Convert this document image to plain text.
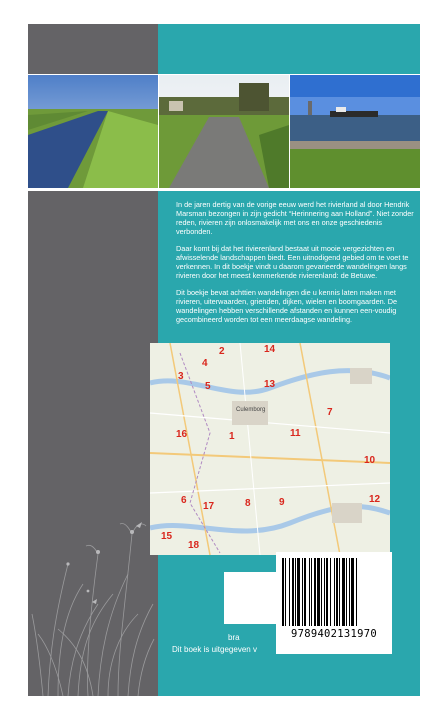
In de jaren dertig van de vorige eeuw werd het rivierland al door Hendrik Marsman bezongen in zijn gedicht “Herinnering aan Holland”. Niet zonder reden, rivieren zijn onlosmakelijk met ons en onze geschiedenis verbonden.

Daar komt bij dat het rivierenland bestaat uit mooie vergezichten en afwisselende landschappen biedt. Een uitnodigend gebied om te voet te verkennen. In dit boekje vindt u daarom gevarieerde wandelingen langs rivieren door het meest kenmerkende rivierenland: de Betuwe.

Dit boekje bevat achttien wandelingen die u kennis laten maken met rivieren, uiterwaarden, grienden, dijken, wielen en boomgaarden. De wandelingen hebben verschillende afstanden en kunnen een-voudig gecombineerd worden tot een meerdaagse wandeling.

2	14
4
3
5	13
7
16	1	11
10
6
17	8	9	12
15
18
Culemborg
9789402131970
bra
Dit boek is uitgegeven v
